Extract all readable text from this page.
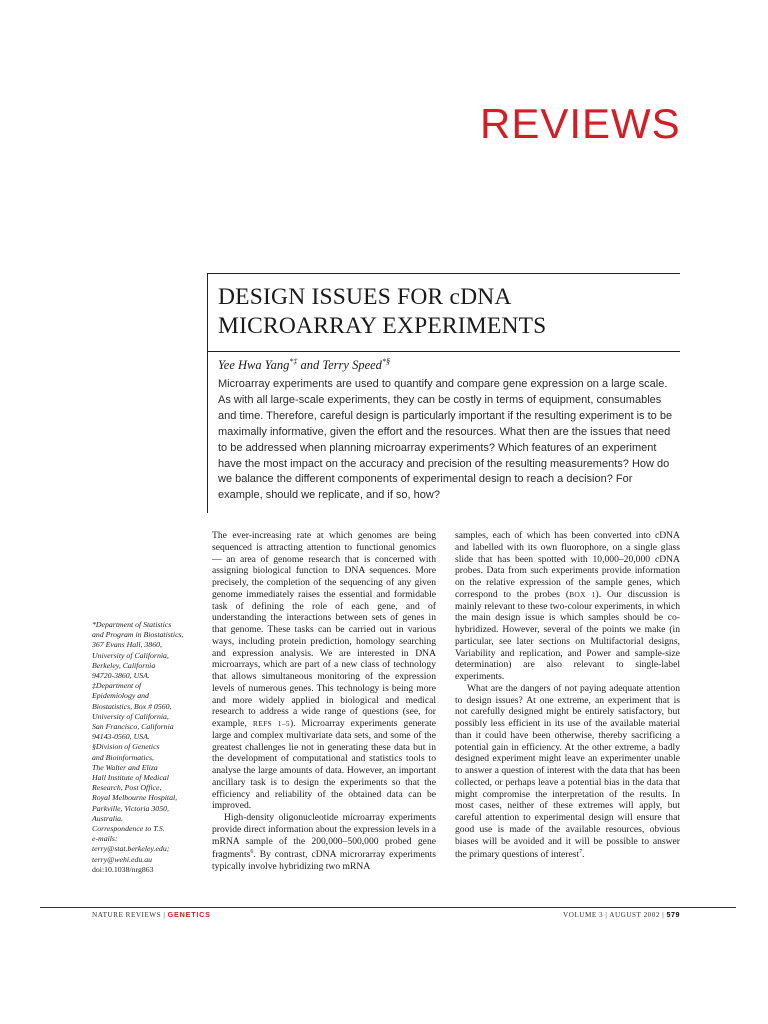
REVIEWS
DESIGN ISSUES FOR cDNA
MICROARRAY EXPERIMENTS
Yee Hwa Yang*‡ and Terry Speed*§

Microarray experiments are used to quantify and compare gene expression on a large scale. As with all large-scale experiments, they can be costly in terms of equipment, consumables and time. Therefore, careful design is particularly important if the resulting experiment is to be maximally informative, given the effort and the resources. What then are the issues that need to be addressed when planning microarray experiments? Which features of an experiment have the most impact on the accuracy and precision of the resulting measurements? How do we balance the different components of experimental design to reach a decision? For example, should we replicate, and if so, how?

*Department of Statistics
and Program in Biostatistics,
367 Evans Hall, 3860,
University of California,
Berkeley, California
94720-3860, USA.
‡Department of
Epidemiology and
Biostatistics, Box # 0560,
University of California,
San Francisco, California
94143-0560, USA.
§Division of Genetics
and Bioinformatics,
The Walter and Eliza
Hall Institute of Medical
Research, Post Office,
Royal Melbourne Hospital,
Parkville, Victoria 3050,
Australia.
Correspondence to T.S.
e-mails:
terry@stat.berkeley.edu;
terry@wehi.edu.au
doi:10.1038/nrg863

The ever-increasing rate at which genomes are being sequenced is attracting attention to functional genomics — an area of genome research that is concerned with assigning biological function to DNA sequences. More precisely, the completion of the sequencing of any given genome immediately raises the essential and formidable task of defining the role of each gene, and of understanding the interactions between sets of genes in that genome. These tasks can be carried out in various ways, including protein prediction, homology searching and expression analysis. We are interested in DNA microarrays, which are part of a new class of technology that allows simultaneous monitoring of the expression levels of numerous genes. This technology is being more and more widely applied in biological and medical research to address a wide range of questions (see, for example, REFS 1–5). Microarray experiments generate large and complex multivariate data sets, and some of the greatest challenges lie not in generating these data but in the development of computational and statistics tools to analyse the large amounts of data. However, an important ancillary task is to design the experiments so that the efficiency and reliability of the obtained data can be improved.

High-density oligonucleotide microarray experiments provide direct information about the expression levels in a mRNA sample of the 200,000–500,000 probed gene fragments$^6$. By contrast, cDNA microrarray experiments typically involve hybridizing two mRNA

samples, each of which has been converted into cDNA and labelled with its own fluorophore, on a single glass slide that has been spotted with 10,000–20,000 cDNA probes. Data from such experiments provide information on the relative expression of the sample genes, which correspond to the probes (BOX 1). Our discussion is mainly relevant to these two-colour experiments, in which the main design issue is which samples should be co-hybridized. However, several of the points we make (in particular, see later sections on Multifactorial designs, Variability and replication, and Power and sample-size determination) are also relevant to single-label experiments.

What are the dangers of not paying adequate attention to design issues? At one extreme, an experiment that is not carefully designed might be entirely satisfactory, but possibly less efficient in its use of the available material than it could have been otherwise, thereby sacrificing a potential gain in efficiency. At the other extreme, a badly designed experiment might leave an experimenter unable to answer a question of interest with the data that has been collected, or perhaps leave a potential bias in the data that might compromise the interpretation of the results. In most cases, neither of these extremes will apply, but careful attention to experimental design will ensure that good use is made of the available resources, obvious biases will be avoided and it will be possible to answer the primary questions of interest$^7$.

NATURE REVIEWS | GENETICS	VOLUME 3 | AUGUST 2002 | 579
